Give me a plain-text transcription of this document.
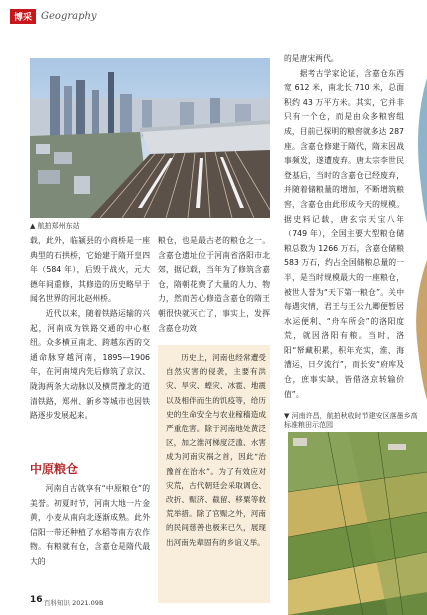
博采 Geography
▲ 航拍郑州东站

载，此外，临颍县的小商桥是一座典型的石拱桥，它始建于隋开皇四年（584 年），后毁于战火，元大德年间重修，其修造的历史略早于闻名世界的河北赵州桥。

近代以来，随着铁路运输的兴起，河南成为铁路交通的中心枢纽。众多横亘南北、跨越东西的交通命脉穿越河南，1895—1906 年，在河南境内先后修筑了京汉、陇海两条大动脉以及横贯豫北的道清铁路，郑州、新乡等城市也因铁路逐步发展起来。

中原粮仓

河南自古就享有“中原粮仓”的美誉。初夏时节，河南大地一片金黄，小麦从南向北逐渐成熟。此外信阳一带还种植了水稻等南方农作物。有粮就有仓，含嘉仓是隋代最大的

粮仓，也是最古老的粮仓之一。含嘉仓遗址位于河南省洛阳市北郊，据记载，当年为了修筑含嘉仓，隋朝花费了大量的人力、物力，然而苦心修造含嘉仓的隋王朝很快就灭亡了，事实上，发挥含嘉仓功效

历史上，河南也经常遭受自然灾害的侵袭，主要有洪灾、旱灾、蝗灾、冰雹、地震以及相伴而生的饥疫等，给历史的生命安全与农业稼穑造成严重危害。除于河南地处黄泛区，加之淮河梯度泛滥、水害成为河南灾祸之首，因此“治豫首在治水”。为了有效应对灾荒，古代朝廷会采取调仓、改折、赈济、截留、移粟等救荒举措。除了官赈之外，河南的民间慈善也极来已久，展现出河南先辈固有的乡谊义举。

的是唐宋两代。

据考古学家论证，含嘉仓东西宽 612 米，南北长 710 米，总面积约 43 万平方米。其实，它并非只有一个仓，而是由众多粮窖组成，目前已探明的粮窖就多达 287 座。含嘉仓修建于隋代，隋末因战事频发，遂遭废弃。唐太宗李世民登基后，当时的含嘉仓已经废弃，并随着储粮量的增加，不断增筑粮窖，含嘉仓由此形成今天的规模。据史料记载，唐玄宗天宝八年（749 年），全国主要大型粮仓储粮总数为 1266 万石，含嘉仓储粮 583 万石，约占全国储粮总量的一半，是当时规模最大的一座粮仓，被世人誉为“天下第一粮仓”。关中每遇灾情，君王与王公九卿便暂居水运便利、“舟车所会”的洛阳度荒，就因洛阳有粮。当时，洛阳“帑藏积累，积年充实，淮、海漕运，日夕流行”，而长安“府库及仓，庶事实缺，皆借洛京转输价值”。

▼ 河南许昌，航拍秋收时节建安区落墨乡高标准粮田示范园
16 百科知识 2021.09B
